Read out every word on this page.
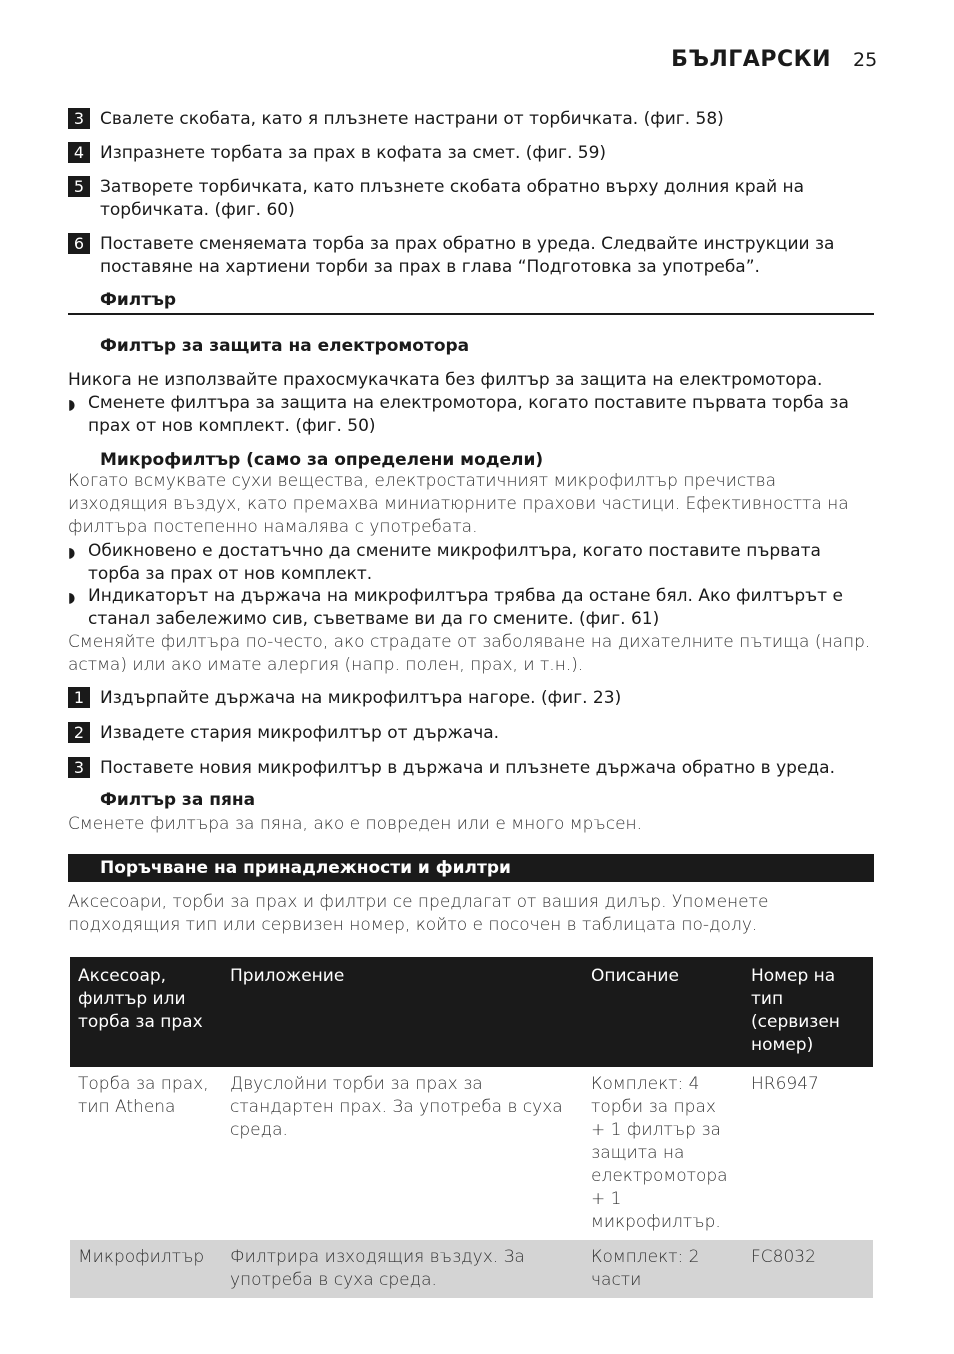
БЪЛГАРСКИ 25
3 Свалете скобата, като я плъзнете настрани от торбичката. (фиг. 58)
4 Изпразнете торбата за прах в кофата за смет. (фиг. 59)
5 Затворете торбичката, като плъзнете скобата обратно върху долния край на торбичката. (фиг. 60)
6 Поставете сменяемата торба за прах обратно в уреда. Следвайте инструкции за поставяне на хартиени торби за прах в глава “Подготовка за употреба”.
Филтър
Филтър за защита на електромотора
Никога не използвайте прахосмукачката без филтър за защита на електромотора.
◗ Сменете филтъра за защита на електромотора, когато поставите първата торба за прах от нов комплект. (фиг. 50)
Микрофилтър (само за определени модели)
Когато всмуквате сухи вещества, електростатичният микрофилтър пречиства изходящия въздух, като премахва миниатюрните прахови частици. Ефективността на филтъра постепенно намалява с употребата.
◗ Обикновено е достатъчно да смените микрофилтъра, когато поставите първата торба за прах от нов комплект.
◗ Индикаторът на държача на микрофилтъра трябва да остане бял. Ако филтърът е станал забележимо сив, съветваме ви да го смените. (фиг. 61)
Сменяйте филтъра по-често, ако страдате от заболяване на дихателните пътища (напр. астма) или ако имате алергия (напр. полен, прах, и т.н.).
1 Издърпайте държача на микрофилтъра нагоре. (фиг. 23)
2 Извадете стария микрофилтър от държача.
3 Поставете новия микрофилтър в държача и плъзнете държача обратно в уреда.
Филтър за пяна
Сменете филтъра за пяна, ако е повреден или е много мръсен.
Поръчване на принадлежности и филтри
Аксесоари, торби за прах и филтри се предлагат от вашия дилър. Упоменете подходящия тип или сервизен номер, който е посочен в таблицата по-долу.
Аксесоар, филтър или торба за прах	Приложение	Описание	Номер на тип (сервизен номер)
Торба за прах, тип Athena	Двуслойни торби за прах за стандартен прах. За употреба в суха среда.	Комплект: 4 торби за прах + 1 филтър за защита на електромотора + 1 микрофилтър.	HR6947
Микрофилтър	Филтрира изходящия въздух. За употреба в суха среда.	Комплект: 2 части	FC8032
